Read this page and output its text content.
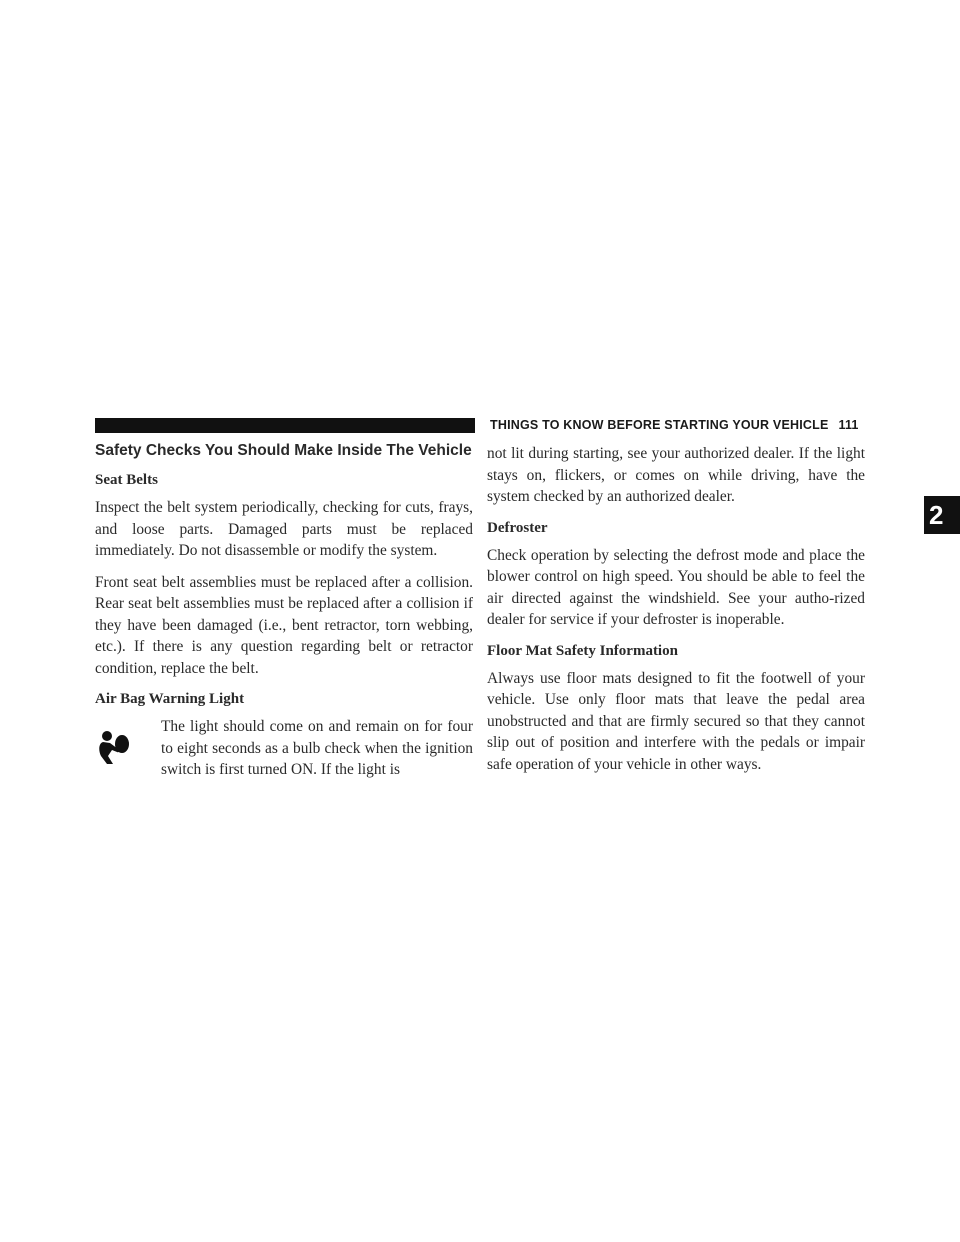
THINGS TO KNOW BEFORE STARTING YOUR VEHICLE 111
2
Safety Checks You Should Make Inside The Vehicle
Seat Belts

Inspect the belt system periodically, checking for cuts, frays, and loose parts. Damaged parts must be replaced immediately. Do not disassemble or modify the system.

Front seat belt assemblies must be replaced after a collision. Rear seat belt assemblies must be replaced after a collision if they have been damaged (i.e., bent retractor, torn webbing, etc.). If there is any question regarding belt or retractor condition, replace the belt.

Air Bag Warning Light

The light should come on and remain on for four to eight seconds as a bulb check when the ignition switch is first turned ON. If the light is

not lit during starting, see your authorized dealer. If the light stays on, flickers, or comes on while driving, have the system checked by an authorized dealer.

Defroster

Check operation by selecting the defrost mode and place the blower control on high speed. You should be able to feel the air directed against the windshield. See your autho-rized dealer for service if your defroster is inoperable.

Floor Mat Safety Information

Always use floor mats designed to fit the footwell of your vehicle. Use only floor mats that leave the pedal area unobstructed and that are firmly secured so that they cannot slip out of position and interfere with the pedals or impair safe operation of your vehicle in other ways.
